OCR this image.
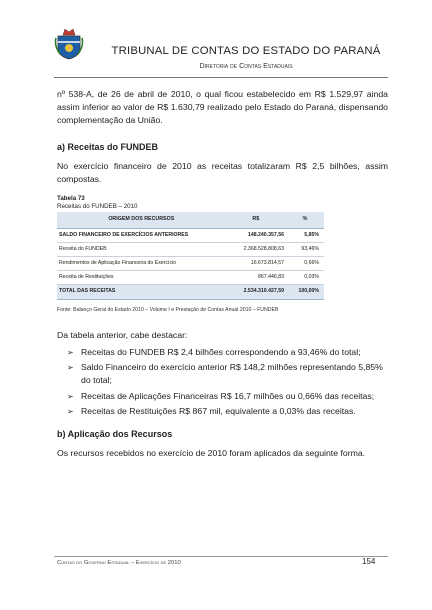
TRIBUNAL DE CONTAS DO ESTADO DO PARANÁ
Diretoria de Contas Estaduais

nº 538-A, de 26 de abril de 2010, o qual ficou estabelecido em R$ 1.529,97 ainda assim inferior ao valor de R$ 1.630,79 realizado pelo Estado do Paraná, dispensando complementação da União.

a) Receitas do FUNDEB

No exercício financeiro de 2010 as receitas totalizaram R$ 2,5 bilhões, assim compostas.

Tabela 73
Receitas do FUNDEB – 2010
ORIGEM DOS RECURSOS	R$	%
SALDO FINANCEIRO DE EXERCÍCIOS ANTERIORES	148.240.357,56	5,85%
Receita do FUNDEB	2.368.528.808,63	93,46%
Rendimentos de Aplicação Financeira do Exercício	16.673.814,57	0,66%
Receita de Restituições	867.446,83	0,03%
TOTAL DAS RECEITAS	2.534.310.427,59	100,00%
Fonte: Balanço Geral do Estado 2010 – Volume I e Prestação de Contas Anual 2010 – FUNDEB

Da tabela anterior, cabe destacar:

➢ Receitas do FUNDEB R$ 2,4 bilhões correspondendo a 93,46% do total;
➢ Saldo Financeiro do exercício anterior R$ 148,2 milhões representando 5,85% do total;
➢ Receitas de Aplicações Financeiras R$ 16,7 milhões ou 0,66% das receitas;
➢ Receitas de Restituições R$ 867 mil, equivalente a 0,03% das receitas.

b) Aplicação dos Recursos

Os recursos recebidos no exercício de 2010 foram aplicados da seguinte forma.

Contas do Governo Estadual – Exercício de 2010	154
